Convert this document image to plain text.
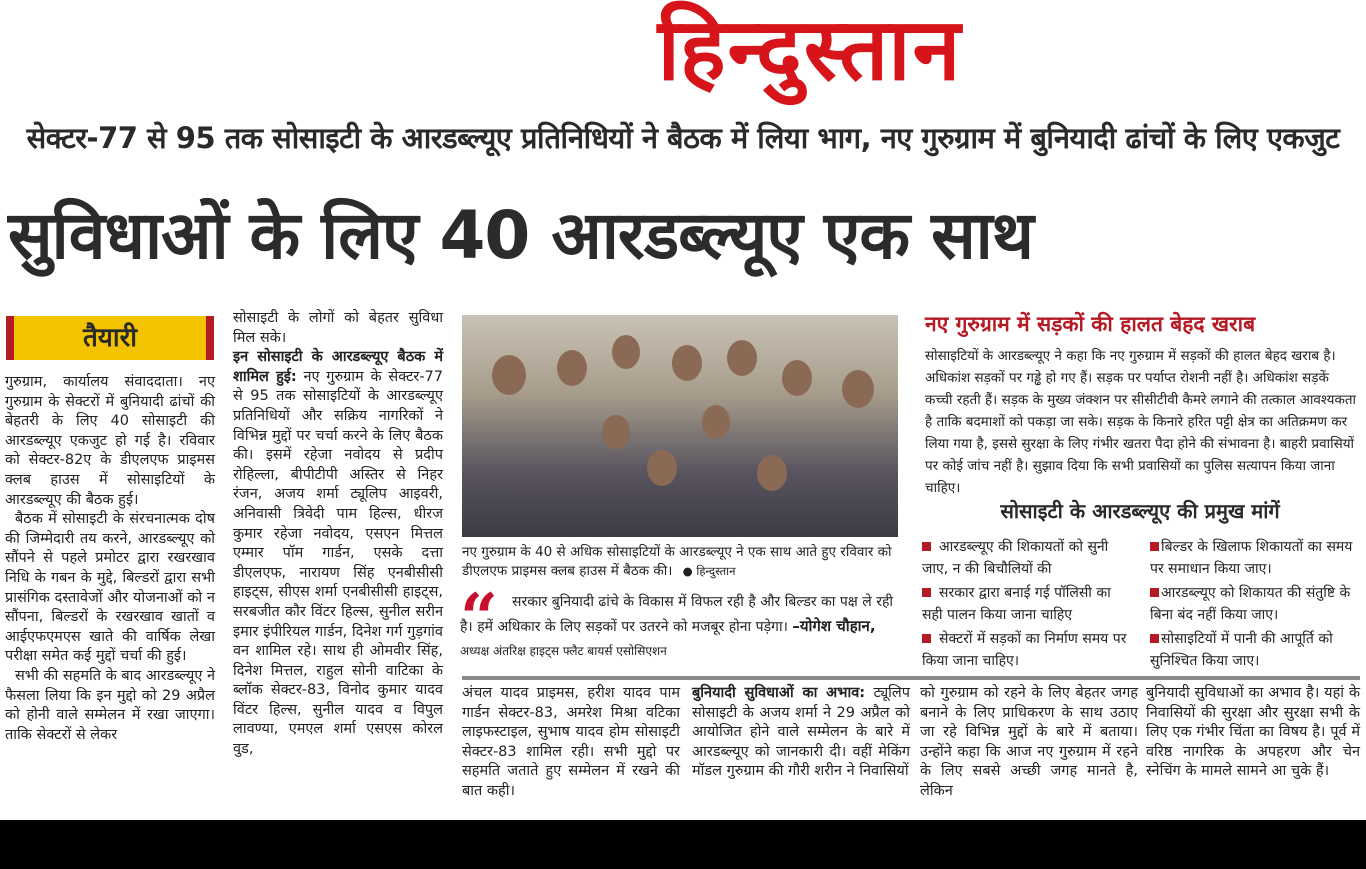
हिन्दुस्तान
सेक्टर-77 से 95 तक सोसाइटी के आरडब्ल्यूए प्रतिनिधियों ने बैठक में लिया भाग, नए गुरुग्राम में बुनियादी ढांचों के लिए एकजुट
सुविधाओं के लिए 40 आरडब्ल्यूए एक साथ
तैयारी

गुरुग्राम, कार्यालय संवाददाता। नए गुरुग्राम के सेक्टरों में बुनियादी ढांचों की बेहतरी के लिए 40 सोसाइटी की आरडब्ल्यूए एकजुट हो गई है। रविवार को सेक्टर-82ए के डीएलएफ प्राइमस क्लब हाउस में सोसाइटियों के आरडब्ल्यूए की बैठक हुई।

बैठक में सोसाइटी के संरचनात्मक दोष की जिम्मेदारी तय करने, आरडब्ल्यूए को सौंपने से पहले प्रमोटर द्वारा रखरखाव निधि के गबन के मुद्दे, बिल्डरों द्वारा सभी प्रासंगिक दस्तावेजों और योजनाओं को न सौंपना, बिल्डरों के रखरखाव खातों व आईएफएमएस खाते की वार्षिक लेखा परीक्षा समेत कई मुद्दों चर्चा की हुई।

सभी की सहमति के बाद आरडब्ल्यूए ने फैसला लिया कि इन मुद्दो को 29 अप्रैल को होनी वाले सम्मेलन में रखा जाएगा। ताकि सेक्टरों से लेकर

सोसाइटी के लोगों को बेहतर सुविधा मिल सके।

इन सोसाइटी के आरडब्ल्यूए बैठक में शामिल हुई: नए गुरुग्राम के सेक्टर-77 से 95 तक सोसाइटियों के आरडब्ल्यूए प्रतिनिधियों और सक्रिय नागरिकों ने विभिन्न मुद्दों पर चर्चा करने के लिए बैठक की। इसमें रहेजा नवोदय से प्रदीप रोहिल्ला, बीपीटीपी अस्तिर से निहर रंजन, अजय शर्मा ट्यूलिप आइवरी, अनिवासी त्रिवेदी पाम हिल्स, धीरज कुमार रहेजा नवोदय, एसएन मित्तल एम्मार पॉम गार्डन, एसके दत्ता डीएलएफ, नारायण सिंह एनबीसीसी हाइट्स, सीएस शर्मा एनबीसीसी हाइट्स, सरबजीत कौर विंटर हिल्स, सुनील सरीन इमार इंपीरियल गार्डन, दिनेश गर्ग गुड़गांव वन शामिल रहे। साथ ही ओमवीर सिंह, दिनेश मित्तल, राहुल सोनी वाटिका के ब्लॉक सेक्टर-83, विनोद कुमार यादव विंटर हिल्स, सुनील यादव व विपुल लावण्या, एमएल शर्मा एसएस कोरल वुड,

नए गुरुग्राम के 40 से अधिक सोसाइटियों के आरडब्ल्यूए ने एक साथ आते हुए रविवार को डीएलएफ प्राइमस क्लब हाउस में बैठक की। ● हिन्दुस्तान
“	सरकार बुनियादी ढांचे के विकास में विफल रही है और बिल्डर का पक्ष ले रही है। हमें अधिकार के लिए सड़कों पर उतरने को मजबूर होना पड़ेगा। –योगेश चौहान, अध्यक्ष अंतरिक्ष हाइट्स फ्लैट बायर्स एसोसिएशन

अंचल यादव प्राइमस, हरीश यादव पाम गार्डन सेक्टर-83, अमरेश मिश्रा वटिका लाइफस्टाइल, सुभाष यादव होम सोसाइटी सेक्टर-83 शामिल रही। सभी मुद्दो पर सहमति जताते हुए सम्मेलन में रखने की बात कही।

बुनियादी सुविधाओं का अभाव: ट्यूलिप सोसाइटी के अजय शर्मा ने 29 अप्रैल को आयोजित होने वाले सम्मेलन के बारे में आरडब्ल्यूए को जानकारी दी। वहीं मेकिंग मॉडल गुरुग्राम की गौरी शरीन ने निवासियों

को गुरुग्राम को रहने के लिए बेहतर जगह बनाने के लिए प्राधिकरण के साथ उठाए जा रहे विभिन्न मुद्दों के बारे में बताया। उन्होंने कहा कि आज नए गुरुग्राम में रहने के लिए सबसे अच्छी जगह मानते है, लेकिन

बुनियादी सुविधाओं का अभाव है। यहां के निवासियों की सुरक्षा और सुरक्षा सभी के लिए एक गंभीर चिंता का विषय है। पूर्व में वरिष्ठ नागरिक के अपहरण और चेन स्नेचिंग के मामले सामने आ चुके हैं।

नए गुरुग्राम में सड़कों की हालत बेहद खराब
सोसाइटियों के आरडब्ल्यूए ने कहा कि नए गुरुग्राम में सड़कों की हालत बेहद खराब है। अधिकांश सड़कों पर गड्ढे हो गए हैं। सड़क पर पर्याप्त रोशनी नहीं है। अधिकांश सड़कें कच्ची रहती हैं। सड़क के मुख्य जंक्शन पर सीसीटीवी कैमरे लगाने की तत्काल आवश्यकता है ताकि बदमाशों को पकड़ा जा सके। सड़क के किनारे हरित पट्टी क्षेत्र का अतिक्रमण कर लिया गया है, इससे सुरक्षा के लिए गंभीर खतरा पैदा होने की संभावना है। बाहरी प्रवासियों पर कोई जांच नहीं है। सुझाव दिया कि सभी प्रवासियों का पुलिस सत्यापन किया जाना चाहिए।
सोसाइटी के आरडब्ल्यूए की प्रमुख मांगें
आरडब्ल्यूए की शिकायतों को सुनी जाए, न की बिचौलियों की
सरकार द्वारा बनाई गई पॉलिसी का सही पालन किया जाना चाहिए
सेक्टरों में सड़कों का निर्माण समय पर किया जाना चाहिए।
बिल्डर के खिलाफ शिकायतों का समय पर समाधान किया जाए।
आरडब्ल्यूए को शिकायत की संतुष्टि के बिना बंद नहीं किया जाए।
सोसाइटियों में पानी की आपूर्ति को सुनिश्चित किया जाए।
